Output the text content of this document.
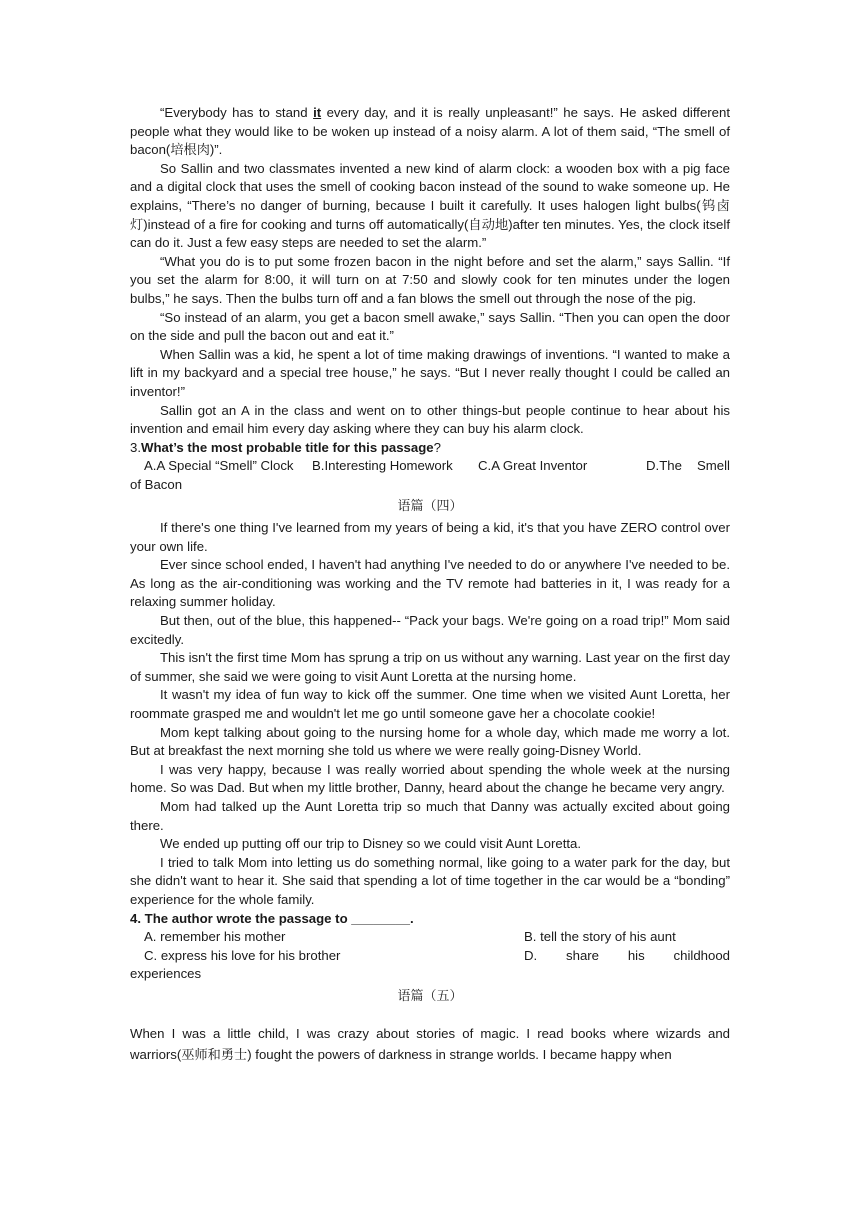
“Everybody has to stand it every day, and it is really unpleasant!” he says. He asked different people what they would like to be woken up instead of a noisy alarm. A lot of them said, “The smell of bacon(培根肉)”.

So Sallin and two classmates invented a new kind of alarm clock: a wooden box with a pig face and a digital clock that uses the smell of cooking bacon instead of the sound to wake someone up. He explains, “There’s no danger of burning, because I built it carefully. It uses halogen light bulbs(钨卤灯)instead of a fire for cooking and turns off automatically(自动地)after ten minutes. Yes, the clock itself can do it. Just a few easy steps are needed to set the alarm.”

“What you do is to put some frozen bacon in the night before and set the alarm,” says Sallin. “If you set the alarm for 8:00, it will turn on at 7:50 and slowly cook for ten minutes under the logen bulbs,” he says. Then the bulbs turn off and a fan blows the smell out through the nose of the pig.

“So instead of an alarm, you get a bacon smell awake,” says Sallin. “Then you can open the door on the side and pull the bacon out and eat it.”

When Sallin was a kid, he spent a lot of time making drawings of inventions. “I wanted to make a lift in my backyard and a special tree house,” he says. “But I never really thought I could be called an inventor!”

Sallin got an A in the class and went on to other things-but people continue to hear about his invention and email him every day asking where they can buy his alarm clock.

3.What’s the most probable title for this passage?

A.A Special “Smell” Clock	B.Interesting Homework	C.A Great Inventor	D.The Smell

of Bacon

语篇（四）

If there's one thing I've learned from my years of being a kid, it's that you have ZERO control over your own life.

Ever since school ended, I haven't had anything I've needed to do or anywhere I've needed to be. As long as the air-conditioning was working and the TV remote had batteries in it, I was ready for a relaxing summer holiday.

But then, out of the blue, this happened-- “Pack your bags. We're going on a road trip!” Mom said excitedly.

This isn't the first time Mom has sprung a trip on us without any warning. Last year on the first day of summer, she said we were going to visit Aunt Loretta at the nursing home.

It wasn't my idea of fun way to kick off the summer. One time when we visited Aunt Loretta, her roommate grasped me and wouldn't let me go until someone gave her a chocolate cookie!

Mom kept talking about going to the nursing home for a whole day, which made me worry a lot. But at breakfast the next morning she told us where we were really going-Disney World.

I was very happy, because I was really worried about spending the whole week at the nursing home. So was Dad. But when my little brother, Danny, heard about the change he became very angry.

Mom had talked up the Aunt Loretta trip so much that Danny was actually excited about going there.

We ended up putting off our trip to Disney so we could visit Aunt Loretta.

I tried to talk Mom into letting us do something normal, like going to a water park for the day, but she didn't want to hear it. She said that spending a lot of time together in the car would be a “bonding” experience for the whole family.

4. The author wrote the passage to ________.

A. remember his mother	B. tell the story of his aunt
C. express his love for his brother	D. share his childhood

experiences

语篇（五）

When I was a little child, I was crazy about stories of magic. I read books where wizards and warriors(巫师和勇士) fought the powers of darkness in strange worlds. I became happy when
